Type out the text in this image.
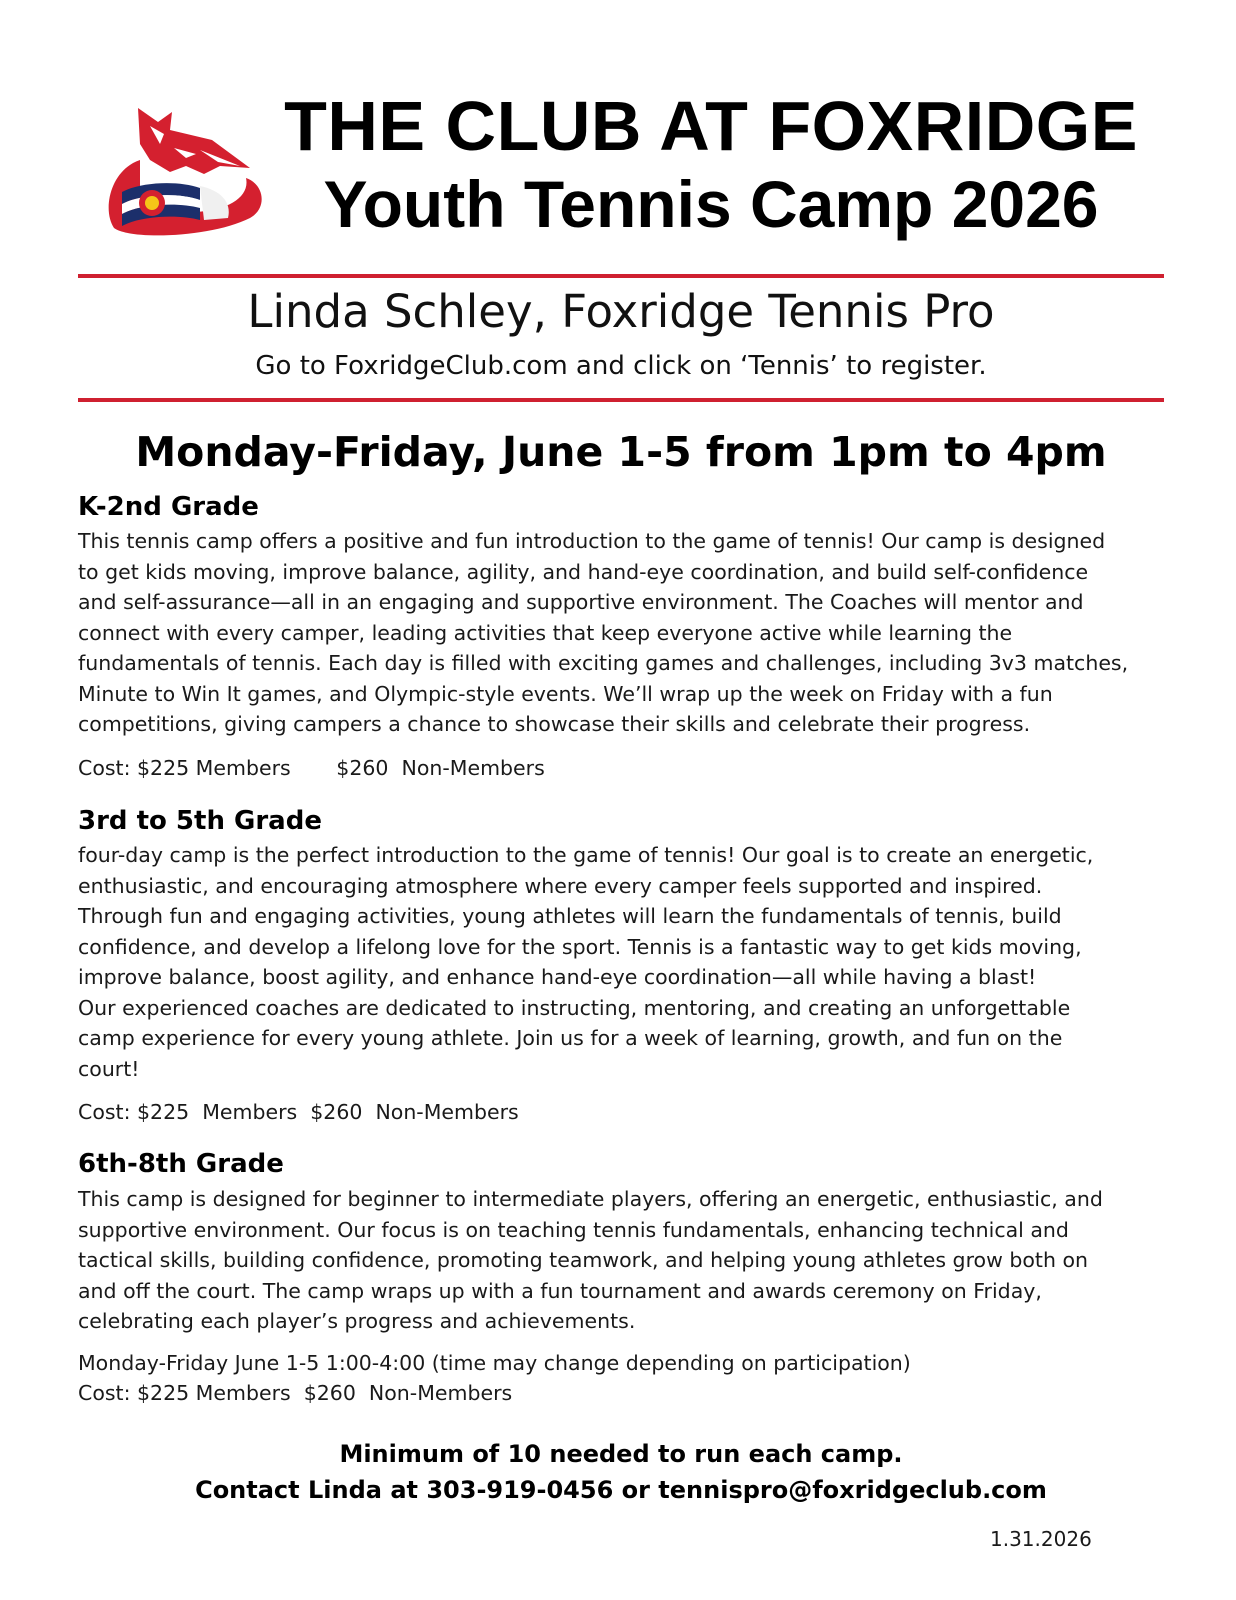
THE CLUB AT FOXRIDGE
Youth Tennis Camp 2026
Linda Schley, Foxridge Tennis Pro
Go to FoxridgeClub.com and click on ‘Tennis’ to register.
Monday-Friday, June 1-5 from 1pm to 4pm
K-2nd Grade
This tennis camp offers a positive and fun introduction to the game of tennis! Our camp is designed
to get kids moving, improve balance, agility, and hand-eye coordination, and build self-confidence
and self-assurance—all in an engaging and supportive environment. The Coaches will mentor and
connect with every camper, leading activities that keep everyone active while learning the
fundamentals of tennis. Each day is filled with exciting games and challenges, including 3v3 matches,
Minute to Win It games, and Olympic-style events. We’ll wrap up the week on Friday with a fun
competitions, giving campers a chance to showcase their skills and celebrate their progress.
Cost: $225 Members       $260  Non-Members
3rd to 5th Grade
four-day camp is the perfect introduction to the game of tennis! Our goal is to create an energetic,
enthusiastic, and encouraging atmosphere where every camper feels supported and inspired.
Through fun and engaging activities, young athletes will learn the fundamentals of tennis, build
confidence, and develop a lifelong love for the sport. Tennis is a fantastic way to get kids moving,
improve balance, boost agility, and enhance hand-eye coordination—all while having a blast!
Our experienced coaches are dedicated to instructing, mentoring, and creating an unforgettable
camp experience for every young athlete. Join us for a week of learning, growth, and fun on the
court!
Cost: $225  Members  $260  Non-Members
6th-8th Grade
This camp is designed for beginner to intermediate players, offering an energetic, enthusiastic, and
supportive environment. Our focus is on teaching tennis fundamentals, enhancing technical and
tactical skills, building confidence, promoting teamwork, and helping young athletes grow both on
and off the court. The camp wraps up with a fun tournament and awards ceremony on Friday,
celebrating each player’s progress and achievements.
Monday-Friday June 1-5 1:00-4:00 (time may change depending on participation)
Cost: $225 Members  $260  Non-Members
Minimum of 10 needed to run each camp.
Contact Linda at 303-919-0456 or tennispro@foxridgeclub.com
1.31.2026
